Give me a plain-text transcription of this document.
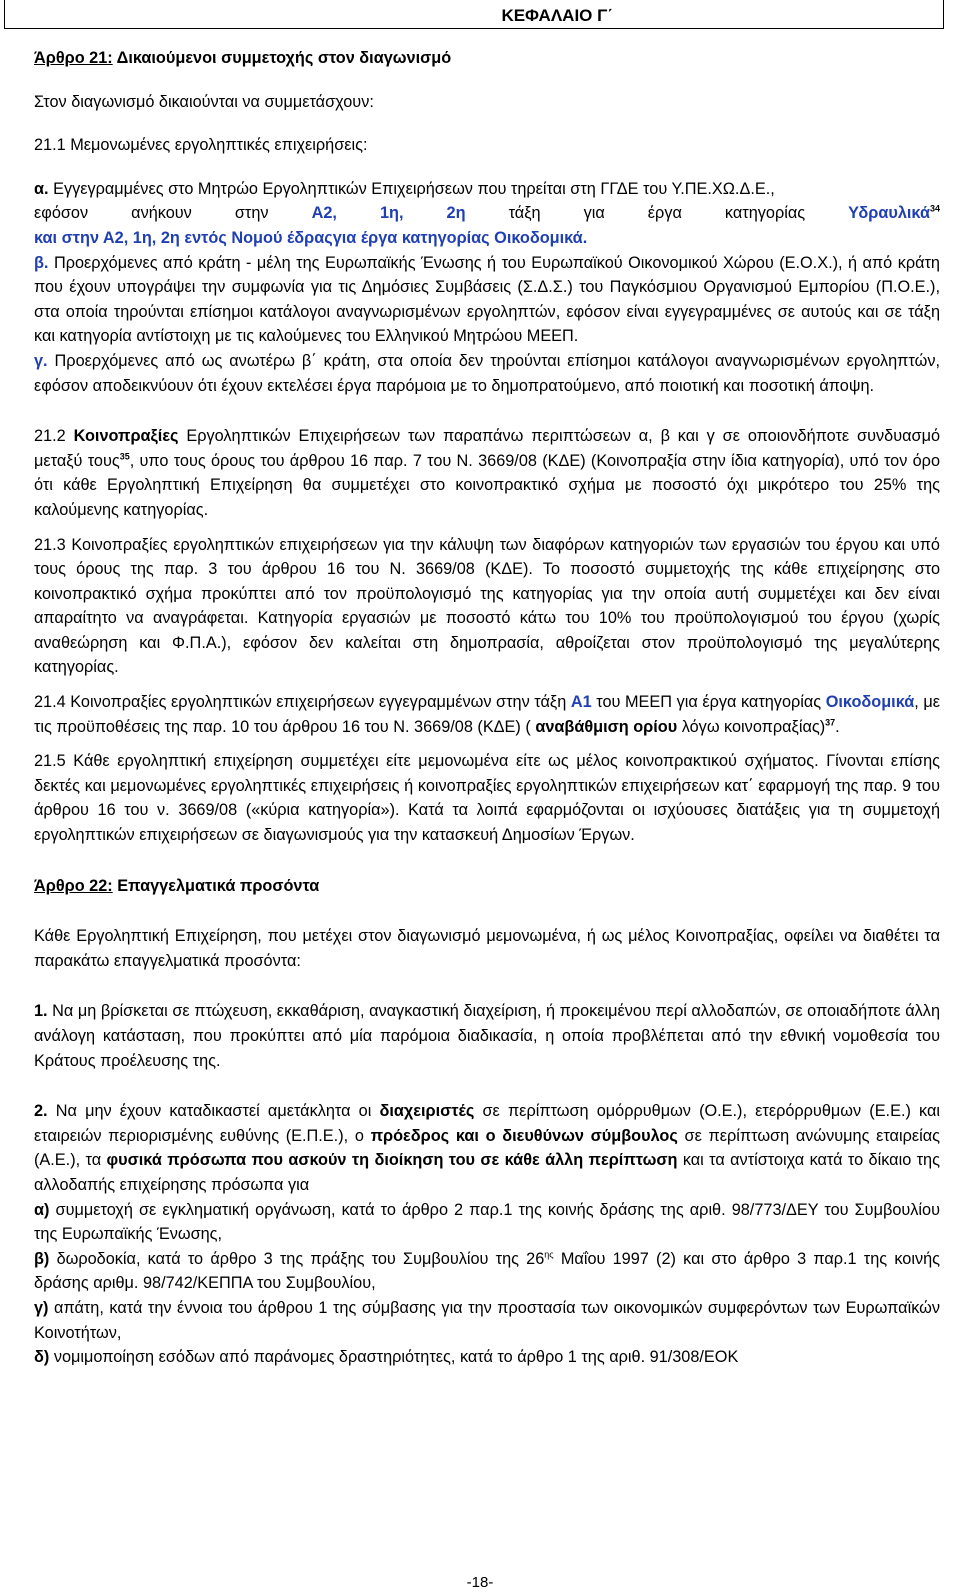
ΚΕΦΑΛΑΙΟ Γ΄

Άρθρο 21: Δικαιούμενοι συμμετοχής στον διαγωνισμό

Στον διαγωνισμό δικαιούνται να συμμετάσχουν:

21.1 Μεμονωμένες εργοληπτικές επιχειρήσεις:

α. Εγγεγραμμένες στο Μητρώο Εργοληπτικών Επιχειρήσεων που τηρείται στη ΓΓΔΕ του Υ.ΠΕ.ΧΩ.Δ.Ε.,

εφόσον ανήκουν στην	Α2, 1η, 2η	τάξη για έργα κατηγορίας	Υδραυλικά$^{34}$

και στην Α2, 1η, 2η εντός Νομού έδραςγια έργα κατηγορίας Οικοδομικά.

β. Προερχόμενες από κράτη - μέλη της Ευρωπαϊκής Ένωσης ή του Ευρωπαϊκού Οικονομικού Χώρου (Ε.Ο.Χ.), ή από κράτη που έχουν υπογράψει την συμφωνία για τις Δημόσιες Συμβάσεις (Σ.Δ.Σ.) του Παγκόσμιου Οργανισμού Εμπορίου (Π.Ο.Ε.), στα οποία τηρούνται επίσημοι κατάλογοι αναγνωρισμένων εργοληπτών, εφόσον είναι εγγεγραμμένες σε αυτούς και σε τάξη και κατηγορία αντίστοιχη με τις καλούμενες του Ελληνικού Μητρώου ΜΕΕΠ.

γ. Προερχόμενες από ως ανωτέρω β΄ κράτη, στα οποία δεν τηρούνται επίσημοι κατάλογοι αναγνωρισμένων εργοληπτών, εφόσον αποδεικνύουν ότι έχουν εκτελέσει έργα παρόμοια με το δημοπρατούμενο, από ποιοτική και ποσοτική άποψη.

21.2 Κοινοπραξίες Εργοληπτικών Επιχειρήσεων των παραπάνω περιπτώσεων α, β και γ σε οποιονδήποτε συνδυασμό μεταξύ τους$^{35}$, υπο τους όρους του άρθρου 16 παρ. 7 του Ν. 3669/08 (ΚΔΕ) (Κοινοπραξία στην ίδια κατηγορία), υπό τον όρο ότι κάθε Εργοληπτική Επιχείρηση θα συμμετέχει στο κοινοπρακτικό σχήμα με ποσοστό όχι μικρότερο του 25% της καλούμενης κατηγορίας.

21.3 Κοινοπραξίες εργοληπτικών επιχειρήσεων για την κάλυψη των διαφόρων κατηγοριών των εργασιών του έργου και υπό τους όρους της παρ. 3 του άρθρου 16 του Ν. 3669/08 (ΚΔΕ). Το ποσοστό συμμετοχής της κάθε επιχείρησης στο κοινοπρακτικό σχήμα προκύπτει από τον προϋπολογισμό της κατηγορίας για την οποία αυτή συμμετέχει και δεν είναι απαραίτητο να αναγράφεται. Κατηγορία εργασιών με ποσοστό κάτω του 10% του προϋπολογισμού του έργου (χωρίς αναθεώρηση και Φ.Π.Α.), εφόσον δεν καλείται στη δημοπρασία, αθροίζεται στον προϋπολογισμό της μεγαλύτερης κατηγορίας.

21.4 Κοινοπραξίες εργοληπτικών επιχειρήσεων εγγεγραμμένων στην τάξη Α1 του ΜΕΕΠ για έργα κατηγορίας Οικοδομικά, με τις προϋποθέσεις της παρ. 10 του άρθρου 16 του Ν. 3669/08 (ΚΔΕ) ( αναβάθμιση ορίου λόγω κοινοπραξίας)$^{37}$.

21.5 Κάθε εργοληπτική επιχείρηση συμμετέχει είτε μεμονωμένα είτε ως μέλος κοινοπρακτικού σχήματος. Γίνονται επίσης δεκτές και μεμονωμένες εργοληπτικές επιχειρήσεις ή κοινοπραξίες εργοληπτικών επιχειρήσεων κατ΄ εφαρμογή της παρ. 9 του άρθρου 16 του ν. 3669/08 («κύρια κατηγορία»). Κατά τα λοιπά εφαρμόζονται οι ισχύουσες διατάξεις για τη συμμετοχή εργοληπτικών επιχειρήσεων σε διαγωνισμούς για την κατασκευή Δημοσίων Έργων.

Άρθρο 22: Επαγγελματικά προσόντα

Κάθε Εργοληπτική Επιχείρηση, που μετέχει στον διαγωνισμό μεμονωμένα, ή ως μέλος Κοινοπραξίας, οφείλει να διαθέτει τα παρακάτω επαγγελματικά προσόντα:

1. Να μη βρίσκεται σε πτώχευση, εκκαθάριση, αναγκαστική διαχείριση, ή προκειμένου περί αλλοδαπών, σε οποιαδήποτε άλλη ανάλογη κατάσταση, που προκύπτει από μία παρόμοια διαδικασία, η οποία προβλέπεται από την εθνική νομοθεσία του Κράτους προέλευσης της.

2. Να μην έχουν καταδικαστεί αμετάκλητα οι διαχειριστές σε περίπτωση ομόρρυθμων (Ο.Ε.), ετερόρρυθμων (Ε.Ε.) και εταιρειών περιορισμένης ευθύνης (Ε.Π.Ε.), ο πρόεδρος και ο διευθύνων σύμβουλος σε περίπτωση ανώνυμης εταιρείας (Α.Ε.), τα φυσικά πρόσωπα που ασκούν τη διοίκηση του σε κάθε άλλη περίπτωση και τα αντίστοιχα κατά το δίκαιο της αλλοδαπής επιχείρησης πρόσωπα για

α) συμμετοχή σε εγκληματική οργάνωση, κατά το άρθρο 2 παρ.1 της κοινής δράσης της αριθ. 98/773/ΔΕΥ του Συμβουλίου της Ευρωπαϊκής Ένωσης,

β) δωροδοκία, κατά το άρθρο 3 της πράξης του Συμβουλίου της $26^{\eta\varsigma}$ Μαΐου 1997 (2) και στο άρθρο 3 παρ.1 της κοινής δράσης αριθμ. 98/742/ΚΕΠΠΑ του Συμβουλίου,

γ) απάτη, κατά την έννοια του άρθρου 1 της σύμβασης για την προστασία των οικονομικών συμφερόντων των Ευρωπαϊκών Κοινοτήτων,

δ) νομιμοποίηση εσόδων από παράνομες δραστηριότητες, κατά το άρθρο 1 της αριθ. 91/308/ΕΟΚ

-18-
